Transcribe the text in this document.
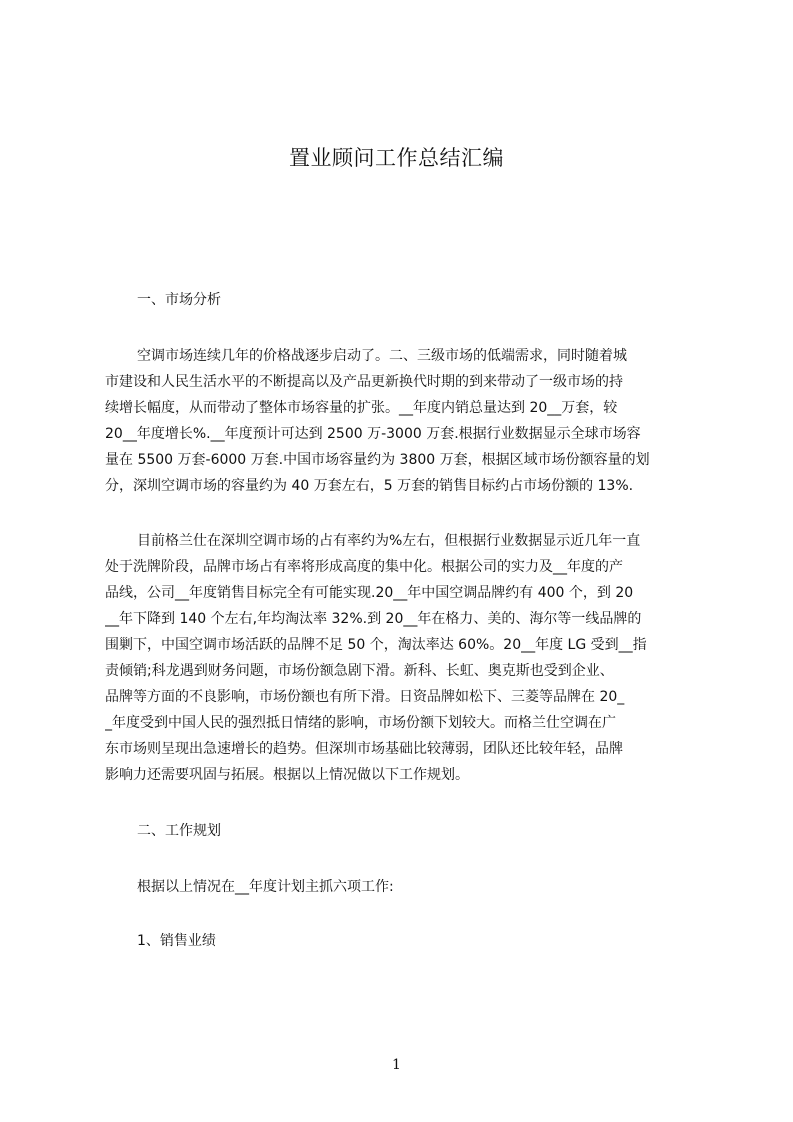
置业顾问工作总结汇编

一、市场分析

空调市场连续几年的价格战逐步启动了。二、三级市场的低端需求，同时随着城
市建设和人民生活水平的不断提高以及产品更新换代时期的到来带动了一级市场的持
续增长幅度，从而带动了整体市场容量的扩张。__年度内销总量达到 20__万套，较
20__年度增长%.__年度预计可达到 2500 万-3000 万套.根据行业数据显示全球市场容
量在 5500 万套-6000 万套.中国市场容量约为 3800 万套，根据区域市场份额容量的划
分，深圳空调市场的容量约为 40 万套左右，5 万套的销售目标约占市场份额的 13%.
目前格兰仕在深圳空调市场的占有率约为%左右，但根据行业数据显示近几年一直
处于洗牌阶段，品牌市场占有率将形成高度的集中化。根据公司的实力及__年度的产
品线，公司__年度销售目标完全有可能实现.20__年中国空调品牌约有 400 个，到 20
__年下降到 140 个左右,年均淘汰率 32%.到 20__年在格力、美的、海尔等一线品牌的
围剿下，中国空调市场活跃的品牌不足 50 个，淘汰率达 60%。20__年度 LG 受到__指
责倾销;科龙遇到财务问题，市场份额急剧下滑。新科、长虹、奥克斯也受到企业、
品牌等方面的不良影响，市场份额也有所下滑。日资品牌如松下、三菱等品牌在 20_
_年度受到中国人民的强烈抵日情绪的影响，市场份额下划较大。而格兰仕空调在广
东市场则呈现出急速增长的趋势。但深圳市场基础比较薄弱，团队还比较年轻，品牌
影响力还需要巩固与拓展。根据以上情况做以下工作规划。

二、工作规划

根据以上情况在__年度计划主抓六项工作:

1、销售业绩

1
